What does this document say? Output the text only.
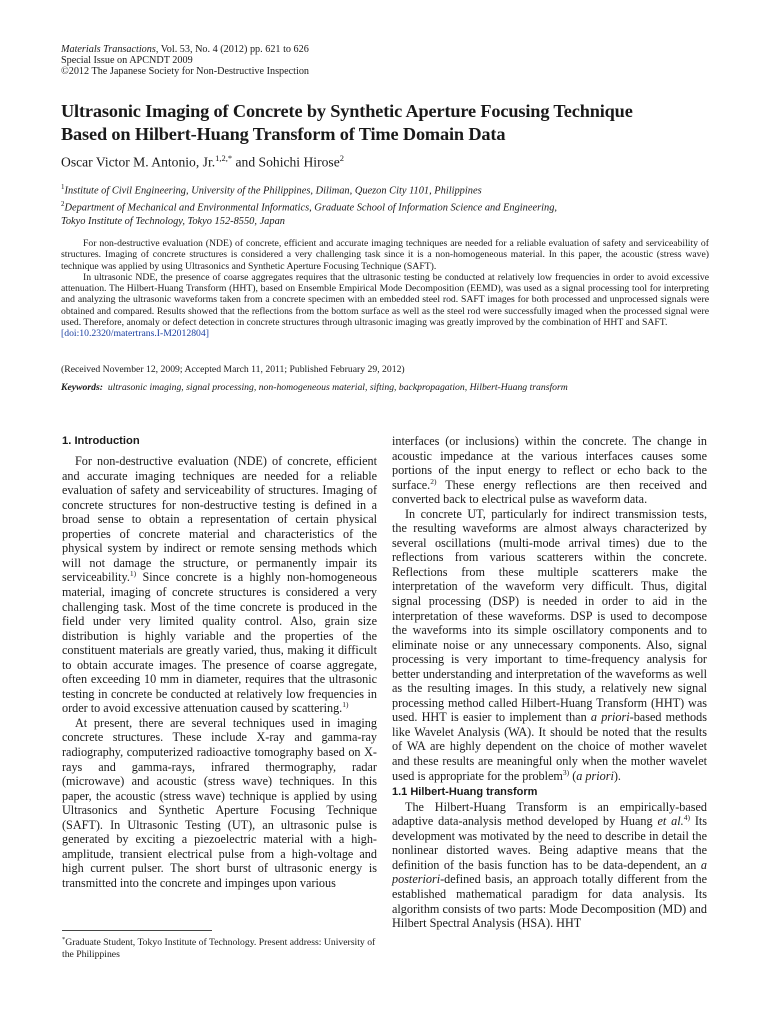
Materials Transactions, Vol. 53, No. 4 (2012) pp. 621 to 626
Special Issue on APCNDT 2009
©2012 The Japanese Society for Non-Destructive Inspection
Ultrasonic Imaging of Concrete by Synthetic Aperture Focusing Technique
Based on Hilbert-Huang Transform of Time Domain Data
Oscar Victor M. Antonio, Jr.$^{1,2,*}$ and Sohichi Hirose$^2$
$^1$Institute of Civil Engineering, University of the Philippines, Diliman, Quezon City 1101, Philippines
$^2$Department of Mechanical and Environmental Informatics, Graduate School of Information Science and Engineering,
Tokyo Institute of Technology, Tokyo 152-8550, Japan

For non-destructive evaluation (NDE) of concrete, efficient and accurate imaging techniques are needed for a reliable evaluation of safety and serviceability of structures. Imaging of concrete structures is considered a very challenging task since it is a non-homogeneous material. In this paper, the acoustic (stress wave) technique was applied by using Ultrasonics and Synthetic Aperture Focusing Technique (SAFT).

In ultrasonic NDE, the presence of coarse aggregates requires that the ultrasonic testing be conducted at relatively low frequencies in order to avoid excessive attenuation. The Hilbert-Huang Transform (HHT), based on Ensemble Empirical Mode Decomposition (EEMD), was used as a signal processing tool for interpreting and analyzing the ultrasonic waveforms taken from a concrete specimen with an embedded steel rod. SAFT images for both processed and unprocessed signals were obtained and compared. Results showed that the reflections from the bottom surface as well as the steel rod were successfully imaged when the processed signal were used. Therefore, anomaly or defect detection in concrete structures through ultrasonic imaging was greatly improved by the combination of HHT and SAFT.
[doi:10.2320/matertrans.I-M2012804]

(Received November 12, 2009; Accepted March 11, 2011; Published February 29, 2012)
Keywords: ultrasonic imaging, signal processing, non-homogeneous material, sifting, backpropagation, Hilbert-Huang transform

1. Introduction

For non-destructive evaluation (NDE) of concrete, efficient and accurate imaging techniques are needed for a reliable evaluation of safety and serviceability of structures. Imaging of concrete structures for non-destructive testing is defined in a broad sense to obtain a representation of certain physical properties of concrete material and characteristics of the physical system by indirect or remote sensing methods which will not damage the structure, or permanently impair its serviceability.$^{1)}$ Since concrete is a highly non-homogeneous material, imaging of concrete structures is considered a very challenging task. Most of the time concrete is produced in the field under very limited quality control. Also, grain size distribution is highly variable and the properties of the constituent materials are greatly varied, thus, making it difficult to obtain accurate images. The presence of coarse aggregate, often exceeding 10 mm in diameter, requires that the ultrasonic testing in concrete be conducted at relatively low frequencies in order to avoid excessive attenuation caused by scattering.$^{1)}$

At present, there are several techniques used in imaging concrete structures. These include X-ray and gamma-ray radiography, computerized radioactive tomography based on X-rays and gamma-rays, infrared thermography, radar (microwave) and acoustic (stress wave) techniques. In this paper, the acoustic (stress wave) technique is applied by using Ultrasonics and Synthetic Aperture Focusing Technique (SAFT). In Ultrasonic Testing (UT), an ultrasonic pulse is generated by exciting a piezoelectric material with a high-amplitude, transient electrical pulse from a high-voltage and high current pulser. The short burst of ultrasonic energy is transmitted into the concrete and impinges upon various

interfaces (or inclusions) within the concrete. The change in acoustic impedance at the various interfaces causes some portions of the input energy to reflect or echo back to the surface.$^{2)}$ These energy reflections are then received and converted back to electrical pulse as waveform data.

In concrete UT, particularly for indirect transmission tests, the resulting waveforms are almost always characterized by several oscillations (multi-mode arrival times) due to the reflections from various scatterers within the concrete. Reflections from these multiple scatterers make the interpretation of the waveform very difficult. Thus, digital signal processing (DSP) is needed in order to aid in the interpretation of these waveforms. DSP is used to decompose the waveforms into its simple oscillatory components and to eliminate noise or any unnecessary components. Also, signal processing is very important to time-frequency analysis for better understanding and interpretation of the waveforms as well as the resulting images. In this study, a relatively new signal processing method called Hilbert-Huang Transform (HHT) was used. HHT is easier to implement than a priori-based methods like Wavelet Analysis (WA). It should be noted that the results of WA are highly dependent on the choice of mother wavelet and these results are meaningful only when the mother wavelet used is appropriate for the problem$^{3)}$ (a priori).

1.1 Hilbert-Huang transform

The Hilbert-Huang Transform is an empirically-based adaptive data-analysis method developed by Huang et al.$^{4)}$ Its development was motivated by the need to describe in detail the nonlinear distorted waves. Being adaptive means that the definition of the basis function has to be data-dependent, an a posteriori-defined basis, an approach totally different from the established mathematical paradigm for data analysis. Its algorithm consists of two parts: Mode Decomposition (MD) and Hilbert Spectral Analysis (HSA). HHT

*Graduate Student, Tokyo Institute of Technology. Present address: University of the Philippines
